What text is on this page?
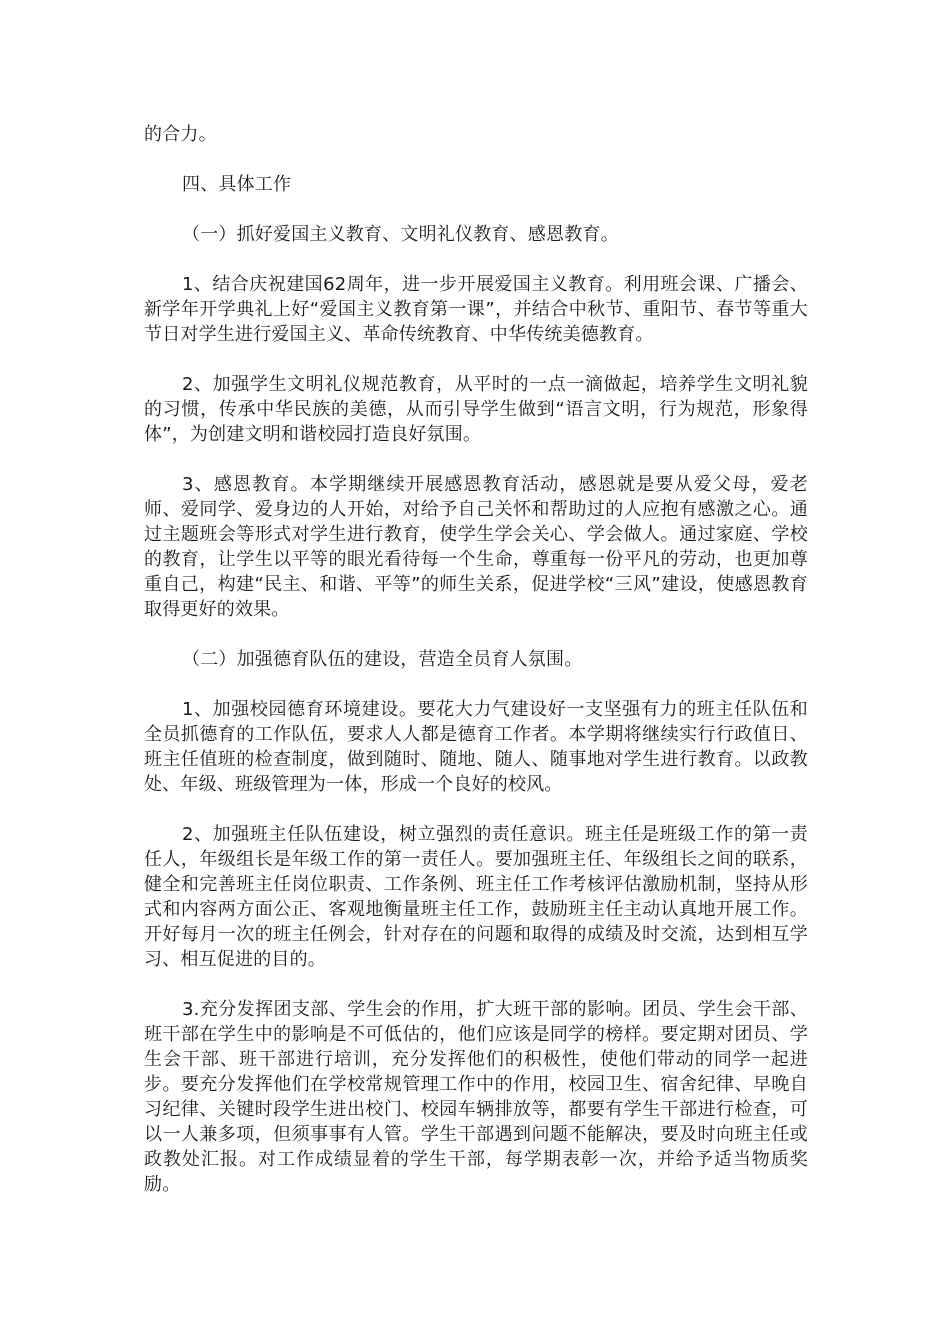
的合力。

四、具体工作

（一）抓好爱国主义教育、文明礼仪教育、感恩教育。

1、结合庆祝建国62周年，进一步开展爱国主义教育。利用班会课、广播会、新学年开学典礼上好“爱国主义教育第一课”，并结合中秋节、重阳节、春节等重大节日对学生进行爱国主义、革命传统教育、中华传统美德教育。

2、加强学生文明礼仪规范教育，从平时的一点一滴做起，培养学生文明礼貌的习惯，传承中华民族的美德，从而引导学生做到“语言文明，行为规范，形象得体”，为创建文明和谐校园打造良好氛围。

3、感恩教育。本学期继续开展感恩教育活动，感恩就是要从爱父母，爱老师、爱同学、爱身边的人开始，对给予自己关怀和帮助过的人应抱有感激之心。通过主题班会等形式对学生进行教育，使学生学会关心、学会做人。通过家庭、学校的教育，让学生以平等的眼光看待每一个生命，尊重每一份平凡的劳动，也更加尊重自己，构建“民主、和谐、平等”的师生关系，促进学校“三风”建设，使感恩教育取得更好的效果。

（二）加强德育队伍的建设，营造全员育人氛围。

1、加强校园德育环境建设。要花大力气建设好一支坚强有力的班主任队伍和全员抓德育的工作队伍，要求人人都是德育工作者。本学期将继续实行行政值日、班主任值班的检查制度，做到随时、随地、随人、随事地对学生进行教育。以政教处、年级、班级管理为一体，形成一个良好的校风。

2、加强班主任队伍建设，树立强烈的责任意识。班主任是班级工作的第一责任人，年级组长是年级工作的第一责任人。要加强班主任、年级组长之间的联系，健全和完善班主任岗位职责、工作条例、班主任工作考核评估激励机制，坚持从形式和内容两方面公正、客观地衡量班主任工作，鼓励班主任主动认真地开展工作。开好每月一次的班主任例会，针对存在的问题和取得的成绩及时交流，达到相互学习、相互促进的目的。

3.充分发挥团支部、学生会的作用，扩大班干部的影响。团员、学生会干部、班干部在学生中的影响是不可低估的，他们应该是同学的榜样。要定期对团员、学生会干部、班干部进行培训，充分发挥他们的积极性，使他们带动的同学一起进步。要充分发挥他们在学校常规管理工作中的作用，校园卫生、宿舍纪律、早晚自习纪律、关键时段学生进出校门、校园车辆排放等，都要有学生干部进行检查，可以一人兼多项，但须事事有人管。学生干部遇到问题不能解决，要及时向班主任或政教处汇报。对工作成绩显着的学生干部，每学期表彰一次，并给予适当物质奖励。
